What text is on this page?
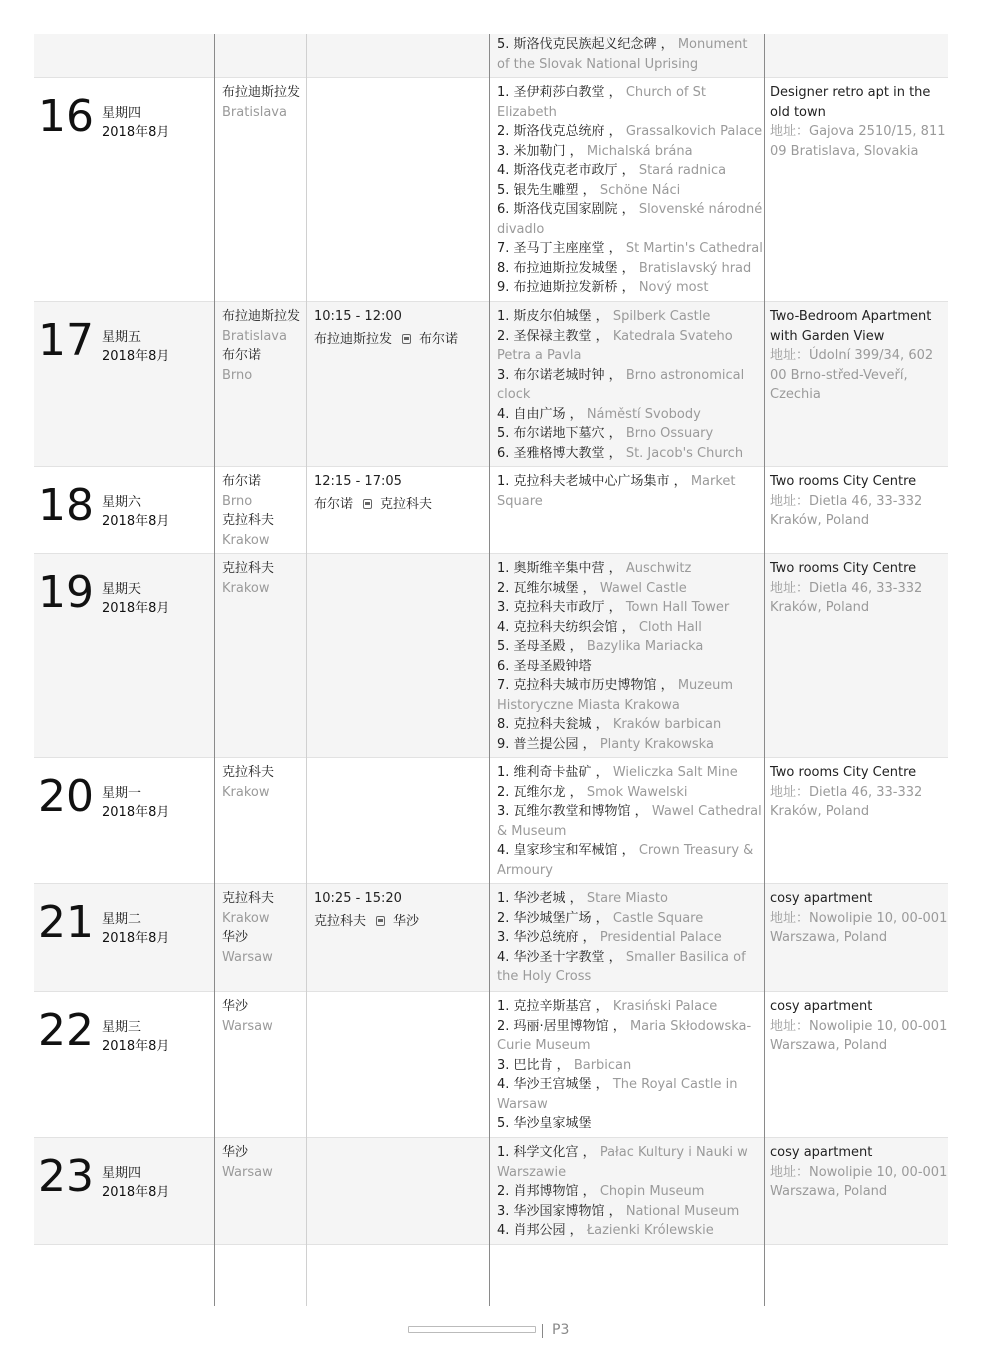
5. 斯洛伐克民族起义纪念碑 ， Monument of the Slovak National Uprising
16 星期四
2018年8月
布拉迪斯拉发
Bratislava
1. 圣伊莉莎白教堂 ， Church of St Elizabeth
2. 斯洛伐克总统府 ， Grassalkovich Palace
3. 米加勒门 ， Michalská brána
4. 斯洛伐克老市政厅 ， Stará radnica
5. 银先生雕塑 ， Schöne Náci
6. 斯洛伐克国家剧院 ， Slovenské národné divadlo
7. 圣马丁主座座堂 ， St Martin's Cathedral
8. 布拉迪斯拉发城堡 ， Bratislavský hrad
9. 布拉迪斯拉发新桥 ， Nový most
Designer retro apt in the old town
地址：Gajova 2510/15, 811 09 Bratislava, Slovakia
17 星期五
2018年8月
布拉迪斯拉发
Bratislava
布尔诺
Brno
10:15 - 12:00
布拉迪斯拉发 布尔诺
1. 斯皮尔伯城堡 ， Spilberk Castle
2. 圣保禄主教堂 ， Katedrala Svateho Petra a Pavla
3. 布尔诺老城时钟 ， Brno astronomical clock
4. 自由广场 ， Náměstí Svobody
5. 布尔诺地下墓穴 ， Brno Ossuary
6. 圣雅格博大教堂 ， St. Jacob's Church
Two-Bedroom Apartment with Garden View
地址：Údolní 399/34, 602 00 Brno-střed-Veveří, Czechia
18 星期六
2018年8月
布尔诺
Brno
克拉科夫
Krakow
12:15 - 17:05
布尔诺 克拉科夫
1. 克拉科夫老城中心广场集市 ， Market Square
Two rooms City Centre
地址：Dietla 46, 33-332 Kraków, Poland
19 星期天
2018年8月
克拉科夫
Krakow
1. 奥斯维辛集中营 ， Auschwitz
2. 瓦维尔城堡 ， Wawel Castle
3. 克拉科夫市政厅 ， Town Hall Tower
4. 克拉科夫纺织会馆 ， Cloth Hall
5. 圣母圣殿 ， Bazylika Mariacka
6. 圣母圣殿钟塔
7. 克拉科夫城市历史博物馆 ， Muzeum Historyczne Miasta Krakowa
8. 克拉科夫瓮城 ， Kraków barbican
9. 普兰提公园 ， Planty Krakowska
Two rooms City Centre
地址：Dietla 46, 33-332 Kraków, Poland
20 星期一
2018年8月
克拉科夫
Krakow
1. 维利奇卡盐矿 ， Wieliczka Salt Mine
2. 瓦维尔龙 ， Smok Wawelski
3. 瓦维尔教堂和博物馆 ， Wawel Cathedral & Museum
4. 皇家珍宝和军械馆 ， Crown Treasury & Armoury
Two rooms City Centre
地址：Dietla 46, 33-332 Kraków, Poland
21 星期二
2018年8月
克拉科夫
Krakow
华沙
Warsaw
10:25 - 15:20
克拉科夫 华沙
1. 华沙老城 ， Stare Miasto
2. 华沙城堡广场 ， Castle Square
3. 华沙总统府 ， Presidential Palace
4. 华沙圣十字教堂 ， Smaller Basilica of the Holy Cross
cosy apartment
地址：Nowolipie 10, 00-001 Warszawa, Poland
22 星期三
2018年8月
华沙
Warsaw
1. 克拉辛斯基宫 ， Krasiński Palace
2. 玛丽·居里博物馆 ， Maria Skłodowska-Curie Museum
3. 巴比肯 ， Barbican
4. 华沙王宫城堡 ， The Royal Castle in Warsaw
5. 华沙皇家城堡
cosy apartment
地址：Nowolipie 10, 00-001 Warszawa, Poland
23 星期四
2018年8月
华沙
Warsaw
1. 科学文化宫 ， Pałac Kultury i Nauki w Warszawie
2. 肖邦博物馆 ， Chopin Museum
3. 华沙国家博物馆 ， National Museum
4. 肖邦公园 ， Łazienki Królewskie
cosy apartment
地址：Nowolipie 10, 00-001 Warszawa, Poland
P3
